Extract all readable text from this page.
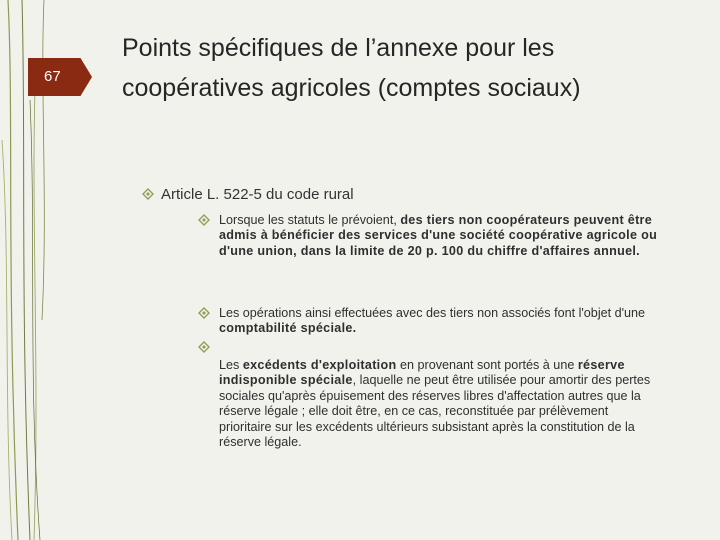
67
Points spécifiques de l’annexe pour les coopératives agricoles (comptes sociaux)
Article L. 522-5 du code rural
Lorsque les statuts le prévoient, des tiers non coopérateurs peuvent être admis à bénéficier des services d'une société coopérative agricole ou d'une union, dans la limite de 20 p. 100 du chiffre d'affaires annuel.
Les opérations ainsi effectuées avec des tiers non associés font l'objet d'une comptabilité spéciale.
Les excédents d'exploitation en provenant sont portés à une réserve indisponible spéciale, laquelle ne peut être utilisée pour amortir des pertes sociales qu'après épuisement des réserves libres d'affectation autres que la réserve légale ; elle doit être, en ce cas, reconstituée par prélèvement prioritaire sur les excédents ultérieurs subsistant après la constitution de la réserve légale.
